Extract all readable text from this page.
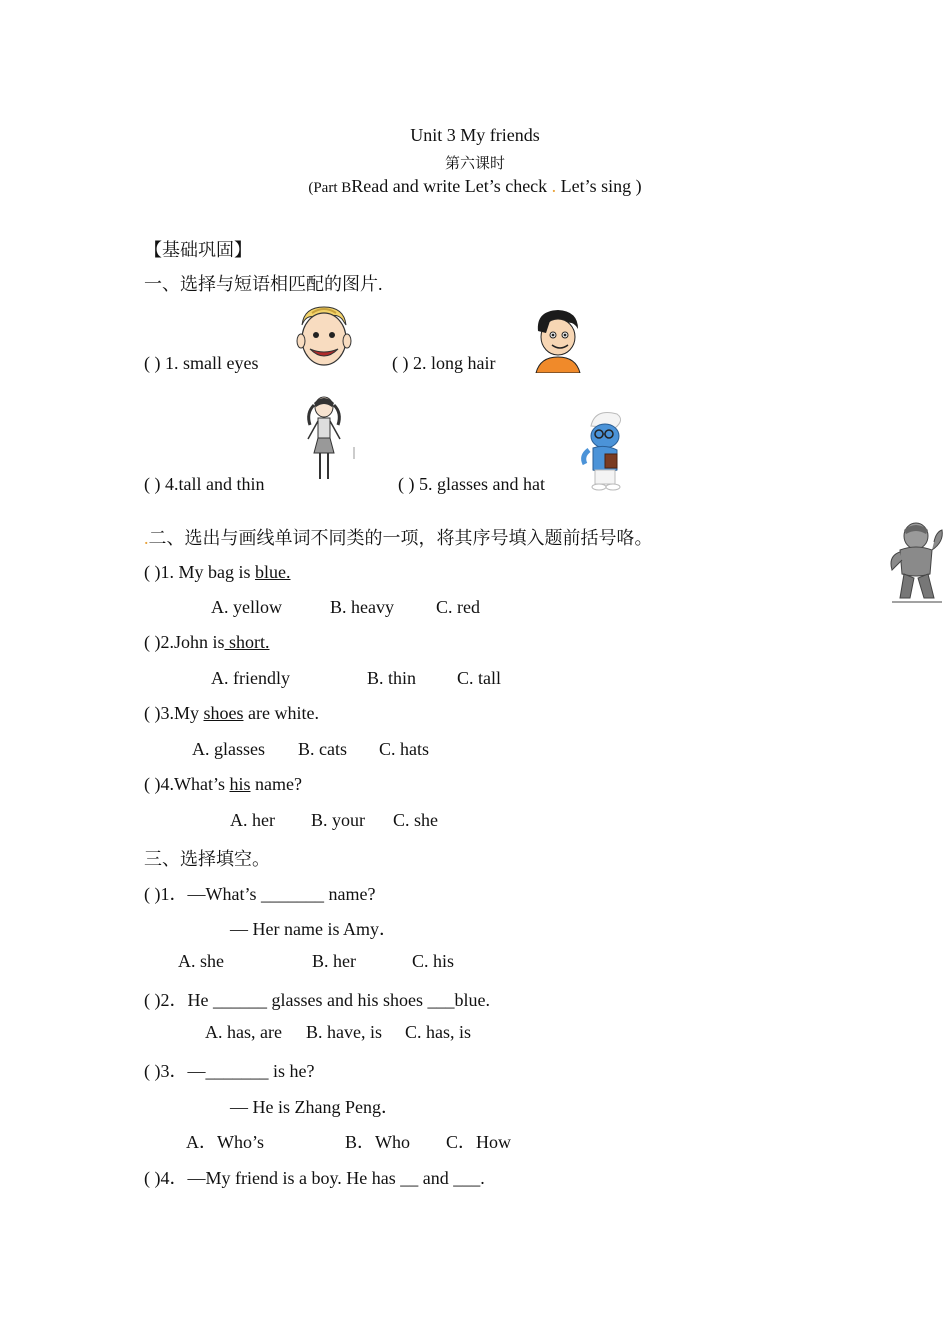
Unit 3 My friends
第六课时
(Part BRead and write Let’s check . Let’s sing )
【基础巩固】
一、选择与短语相匹配的图片.
( ) 1. small eyes	( ) 2. long hair
( ) 4.tall and thin	( ) 5. glasses and hat
.二、选出与画线单词不同类的一项，将其序号填入题前括号咯。
( )1. My bag is blue.
A. yellow	B. heavy C. red
( )2.John is short.
A. friendly	B. thin C. tall
( )3.My shoes are white.
A. glasses B. cats C. hats
( )4.What’s his name?
A. her B. your C. she
三、选择填空。
( )1．—What’s _______ name?
— Her name is Amy．
A. she	B. her	C. his
( )2．He ______ glasses and his shoes ___blue.
A. has, are B. have, is C. has, is
( )3．—_______ is he?
— He is Zhang Peng．
A．Who’s	B．Who C．How
( )4．—My friend is a boy. He has __ and ___.
